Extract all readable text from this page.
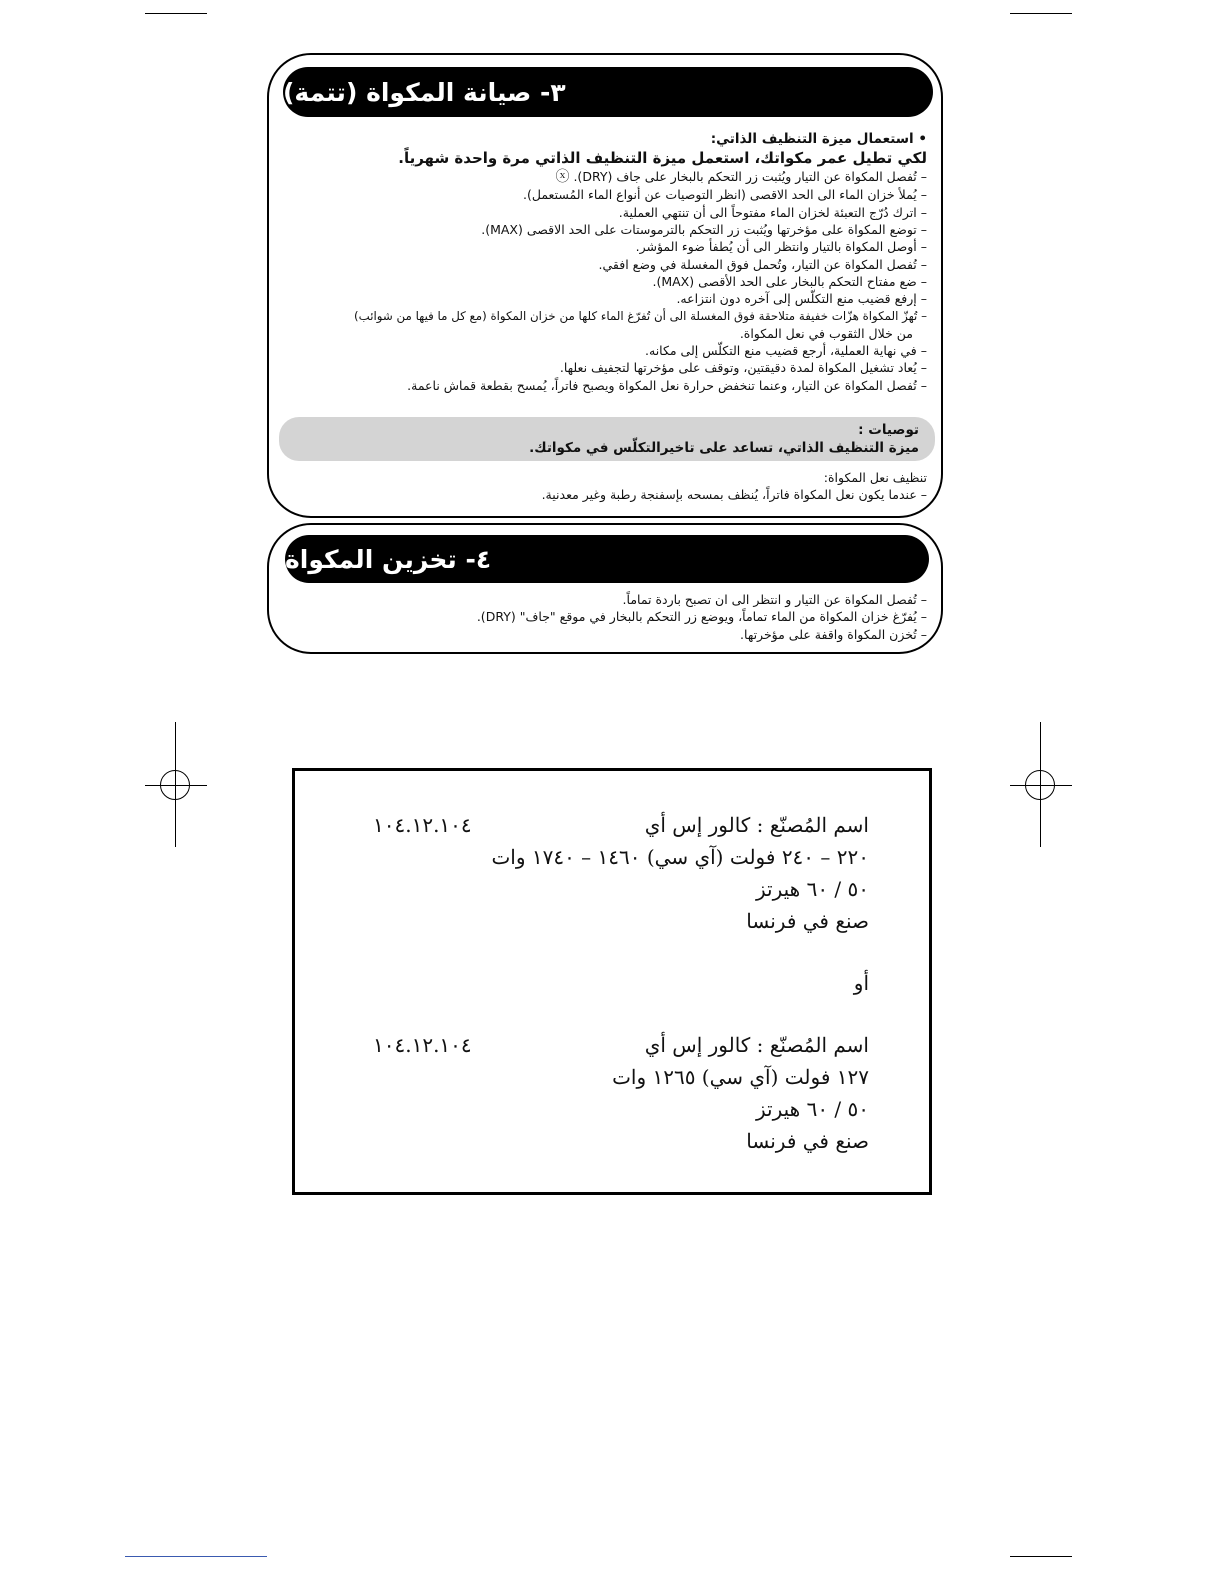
٣- صيانة المكواة (تتمة)
• استعمال ميزة التنظيف الذاتي:
لكي تطيل عمر مكواتك، استعمل ميزة التنظيف الذاتي مرة واحدة شهرياً.
– تُفصل المكواة عن التيار ويُثبت زر التحكم بالبخار على جاف (DRY). ⓧ
– يُملأ خزان الماء الى الحد الاقصى (انظر التوصيات عن أنواع الماء المُستعمل).
– اترك دُرّج التعبئة لخزان الماء مفتوحاً الى أن تنتهي العملية.
– توضع المكواة على مؤخرتها ويُثبت زر التحكم بالترموستات على الحد الاقصى (MAX).
– أوصل المكواة بالتيار وانتظر الى أن يُطفأ ضوء المؤشر.
– تُفصل المكواة عن التيار، وتُحمل فوق المغسلة في وضع افقي.
– ضع مفتاح التحكم بالبخار على الحد الأقصى (MAX).
– إرفع قضيب منع التكلّس إلى آخره دون انتزاعه.
– تُهزّ المكواة هزّات خفيفة متلاحقة فوق المغسلة الى أن تُفرّغ الماء كلها من خزان المكواة (مع كل ما فيها من شوائب)
من خلال الثقوب في نعل المكواة.
– في نهاية العملية، أرجع قضيب منع التكلّس إلى مكانه.
– يُعاد تشغيل المكواة لمدة دقيقتين، وتوقف على مؤخرتها لتجفيف نعلها.
– تُفصل المكواة عن التيار، وعنما تنخفض حرارة نعل المكواة ويصبح فاتراً، يُمسح بقطعة قماش ناعمة.
توصيات :
ميزة التنظيف الذاتي، تساعد على تاخيرالتكلّس في مكواتك.
تنظيف نعل المكواة:
– عندما يكون نعل المكواة فاتراً، يُنظف بمسحه بإسفنجة رطبة وغير معدنية.
٤- تخزين المكواة
– تُفصل المكواة عن التيار و انتظر الى ان تصبح باردة تماماً.
– يُفرّغ خزان المكواة من الماء تماماً، ويوضع زر التحكم بالبخار في موقع "جاف" (DRY).
– تُخزن المكواة واقفة على مؤخرتها.
اسم المُصنّع : كالور إس أي
١٠٤.١٢.١٠٤
٢٢٠ – ٢٤٠ فولت (آي سي) ١٤٦٠ – ١٧٤٠ وات
٥٠ / ٦٠ هيرتز
صنع في فرنسا
أو
اسم المُصنّع : كالور إس أي
١٠٤.١٢.١٠٤
١٢٧ فولت (آي سي) ١٢٦٥ وات
٥٠ / ٦٠ هيرتز
صنع في فرنسا
